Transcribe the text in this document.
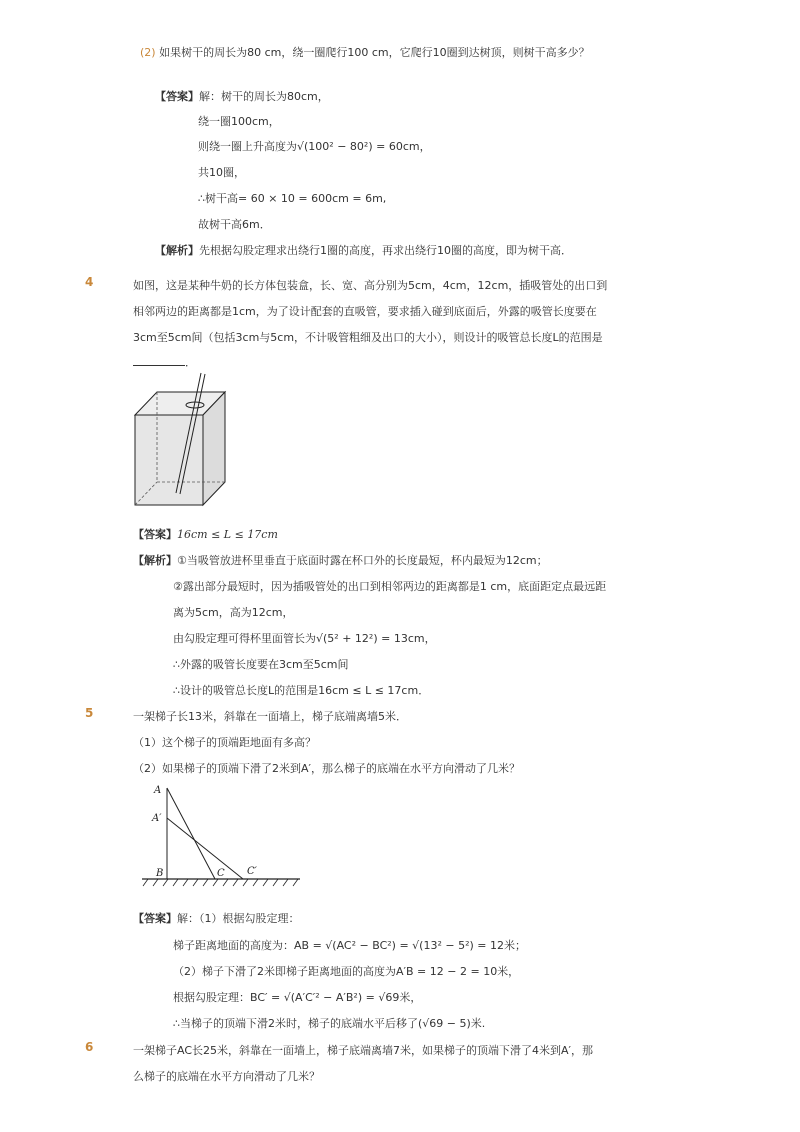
(2) 如果树干的周长为80 cm，绕一圈爬行100 cm，它爬行10圈到达树顶，则树干高多少？
【答案】解：树干的周长为80cm，
绕一圈100cm，
则绕一圈上升高度为√(100² − 80²) = 60cm，
共10圈，
∴树干高= 60 × 10 = 600cm = 6m,
故树干高6m．
【解析】先根据勾股定理求出绕行1圈的高度，再求出绕行10圈的高度，即为树干高．
4	如图，这是某种牛奶的长方体包装盒，长、宽、高分别为5cm，4cm，12cm，插吸管处的出口到
相邻两边的距离都是1cm，为了设计配套的直吸管，要求插入碰到底面后，外露的吸管长度要在
3cm至5cm间（包括3cm与5cm，不计吸管粗细及出口的大小），则设计的吸管总长度L的范围是
．
【答案】16cm ≤ L ≤ 17cm
【解析】①当吸管放进杯里垂直于底面时露在杯口外的长度最短，杯内最短为12cm；
②露出部分最短时，因为插吸管处的出口到相邻两边的距离都是1 cm，底面距定点最远距
离为5cm，高为12cm，
由勾股定理可得杯里面管长为√(5² + 12²) = 13cm，
∴外露的吸管长度要在3cm至5cm间
∴设计的吸管总长度L的范围是16cm ≤ L ≤ 17cm．
5	一架梯子长13米，斜靠在一面墙上，梯子底端离墙5米．
（1）这个梯子的顶端距地面有多高？
（2）如果梯子的顶端下滑了2米到A′，那么梯子的底端在水平方向滑动了几米？
A
A′
B	C C′
【答案】解：（1）根据勾股定理：
梯子距离地面的高度为：AB = √(AC² − BC²) = √(13² − 5²) = 12米；
（2）梯子下滑了2米即梯子距离地面的高度为A′B = 12 − 2 = 10米，
根据勾股定理：BC′ = √(A′C′² − A′B²) = √69米，
∴当梯子的顶端下滑2米时，梯子的底端水平后移了(√69 − 5)米.
6	一架梯子AC长25米，斜靠在一面墙上，梯子底端离墙7米，如果梯子的顶端下滑了4米到A′，那
么梯子的底端在水平方向滑动了几米？
